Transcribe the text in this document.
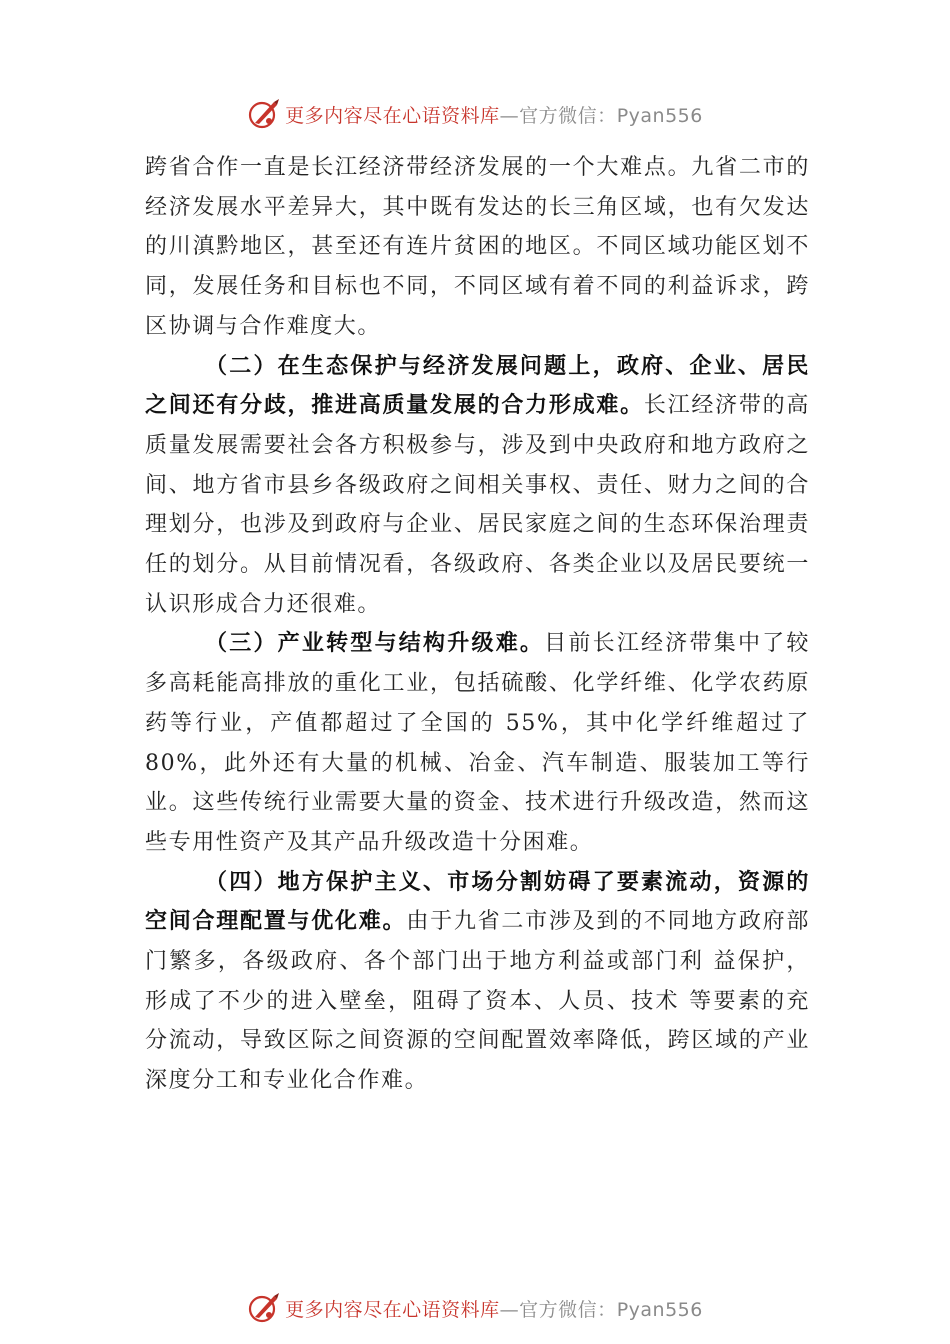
更多内容尽在心语资料库—官方微信：Pyan556

跨省合作一直是长江经济带经济发展的一个大难点。九省二市的经济发展水平差异大，其中既有发达的长三角区域，也有欠发达的川滇黔地区，甚至还有连片贫困的地区。不同区域功能区划不同，发展任务和目标也不同，不同区域有着不同的利益诉求，跨区协调与合作难度大。

（二）在生态保护与经济发展问题上，政府、企业、居民之间还有分歧，推进高质量发展的合力形成难。长江经济带的高质量发展需要社会各方积极参与，涉及到中央政府和地方政府之间、地方省市县乡各级政府之间相关事权、责任、财力之间的合理划分，也涉及到政府与企业、居民家庭之间的生态环保治理责任的划分。从目前情况看，各级政府、各类企业以及居民要统一认识形成合力还很难。

（三）产业转型与结构升级难。目前长江经济带集中了较多高耗能高排放的重化工业，包括硫酸、化学纤维、化学农药原药等行业，产值都超过了全国的 55%，其中化学纤维超过了 80%，此外还有大量的机械、冶金、汽车制造、服装加工等行业。这些传统行业需要大量的资金、技术进行升级改造，然而这些专用性资产及其产品升级改造十分困难。

（四）地方保护主义、市场分割妨碍了要素流动，资源的空间合理配置与优化难。由于九省二市涉及到的不同地方政府部门繁多，各级政府、各个部门出于地方利益或部门利 益保护，形成了不少的进入壁垒，阻碍了资本、人员、技术 等要素的充分流动，导致区际之间资源的空间配置效率降低，跨区域的产业深度分工和专业化合作难。

更多内容尽在心语资料库—官方微信：Pyan556
